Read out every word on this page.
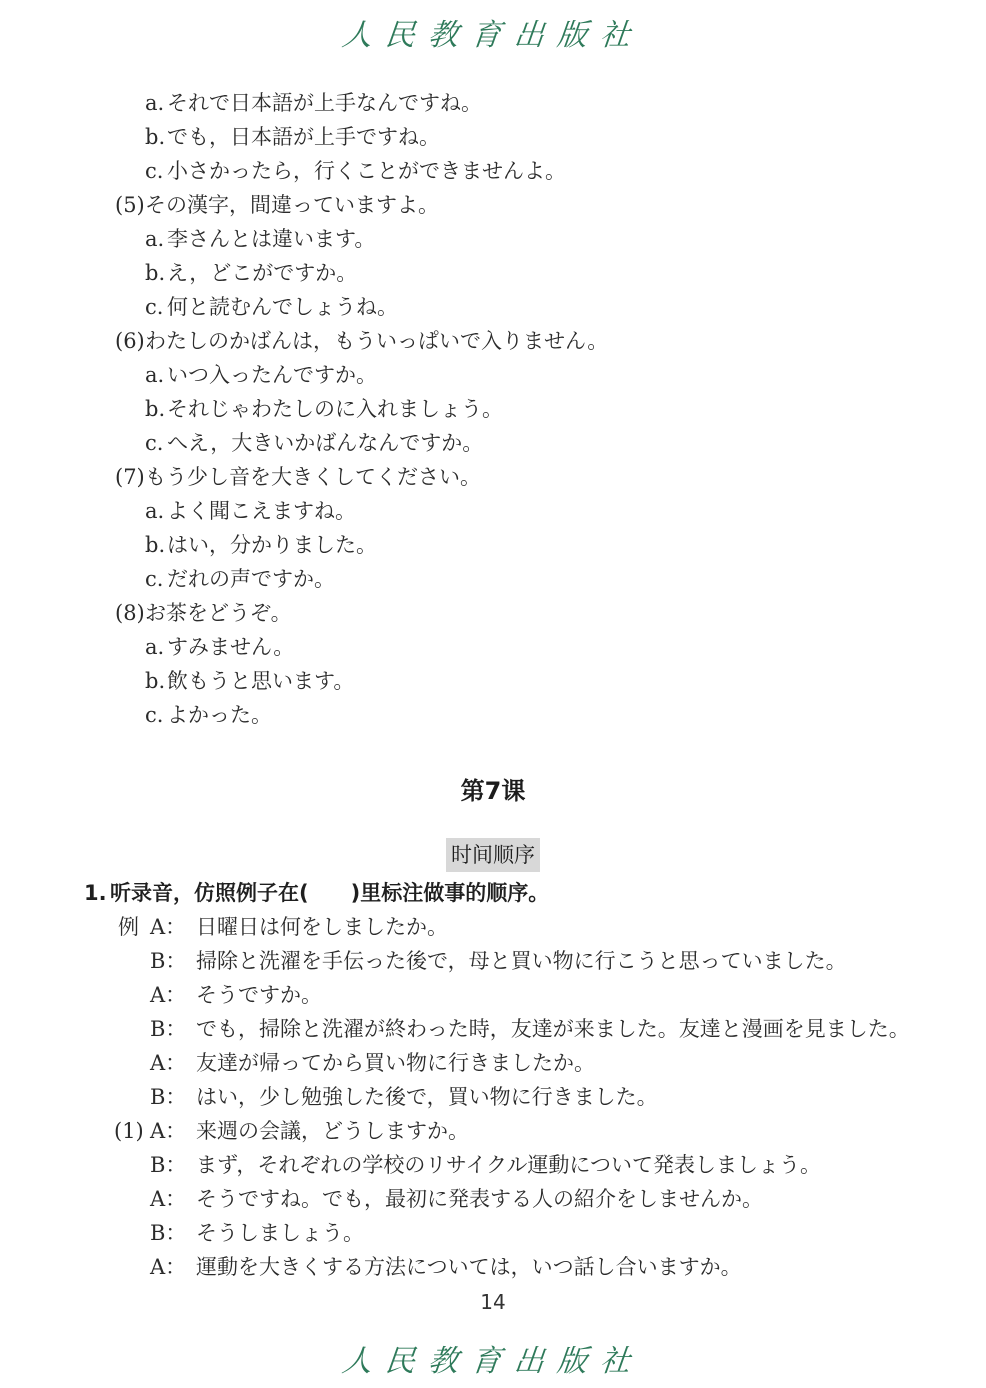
人民教育出版社
a. それで日本語が上手なんですね。
b.でも，日本語が上手ですね。
c. 小さかったら，行くことができませんよ。
(5)その漢字，間違っていますよ。
a. 李さんとは違います。
b.え，どこがですか。
c. 何と読むんでしょうね。
(6)わたしのかばんは，もういっぱいで入りません。
a. いつ入ったんですか。
b.それじゃわたしのに入れましょう。
c. へえ，大きいかばんなんですか。
(7)もう少し音を大きくしてください。
a. よく聞こえますね。
b.はい，分かりました。
c. だれの声ですか。
(8)お茶をどうぞ。
a. すみません。
b.飲もうと思います。
c. よかった。
第7课
时间顺序
1. 听录音，仿照例子在(　　)里标注做事的顺序。
例 A： 日曜日は何をしましたか。
B： 掃除と洗濯を手伝った後で，母と買い物に行こうと思っていました。
A： そうですか。
B： でも，掃除と洗濯が終わった時，友達が来ました。友達と漫画を見ました。
A： 友達が帰ってから買い物に行きましたか。
B： はい，少し勉強した後で，買い物に行きました。
(1) A： 来週の会議，どうしますか。
B： まず，それぞれの学校のリサイクル運動について発表しましょう。
A： そうですね。でも，最初に発表する人の紹介をしませんか。
B： そうしましょう。
A： 運動を大きくする方法については，いつ話し合いますか。
14
人民教育出版社
